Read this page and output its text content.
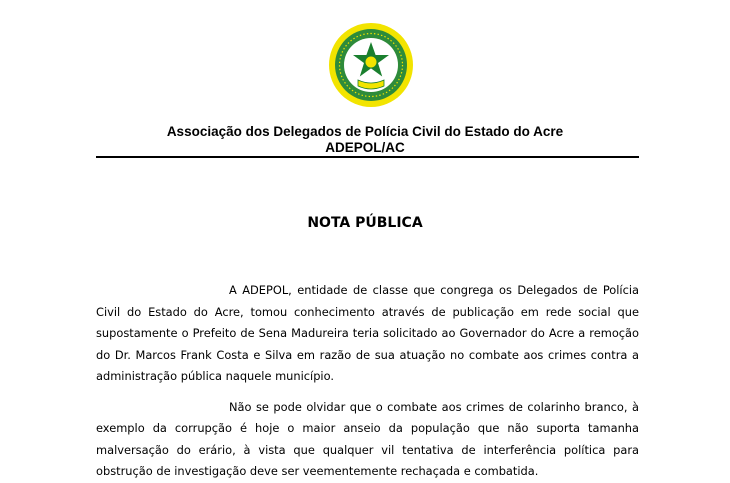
Associação dos Delegados de Polícia Civil do Estado do Acre
ADEPOL/AC
NOTA PÚBLICA

A ADEPOL, entidade de classe que congrega os Delegados de Polícia Civil do Estado do Acre, tomou conhecimento através de publicação em rede social que supostamente o Prefeito de Sena Madureira teria solicitado ao Governador do Acre a remoção do Dr. Marcos Frank Costa e Silva em razão de sua atuação no combate aos crimes contra a administração pública naquele município.

Não se pode olvidar que o combate aos crimes de colarinho branco, à exemplo da corrupção é hoje o maior anseio da população que não suporta tamanha malversação do erário, à vista que qualquer vil tentativa de interferência política para obstrução de investigação deve ser veementemente rechaçada e combatida.
